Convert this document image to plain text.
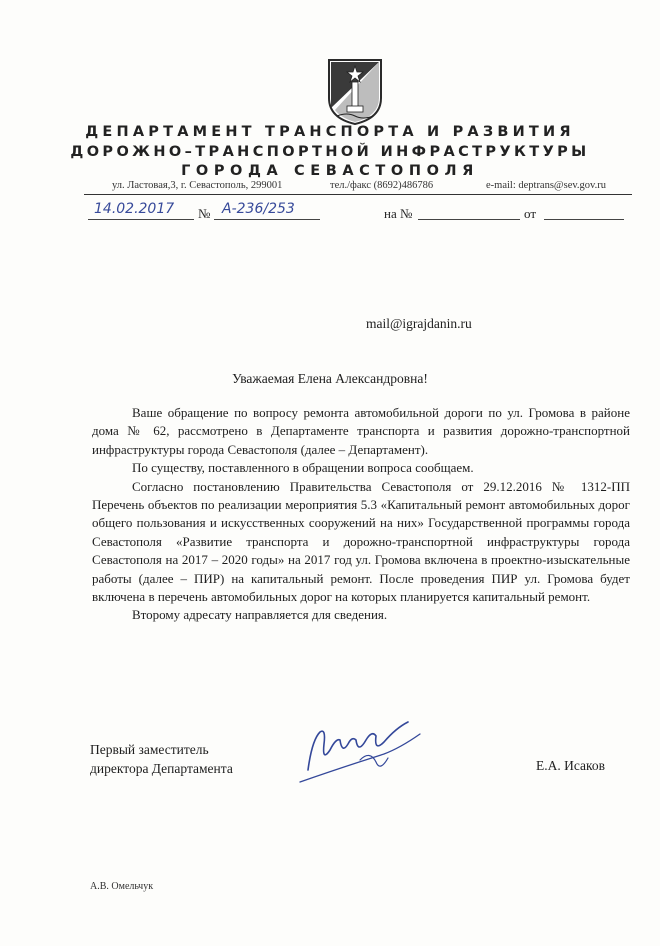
ДЕПАРТАМЕНТ ТРАНСПОРТА И РАЗВИТИЯ
ДОРОЖНО–ТРАНСПОРТНОЙ ИНФРАСТРУКТУРЫ
ГОРОДА СЕВАСТОПОЛЯ
ул. Ластовая,3, г. Севастополь, 299001	тел./факс (8692)486786	e-mail: deptrans@sev.gov.ru
14.02.2017 № А-236/253	на №	от
mail@igrajdanin.ru
Уважаемая Елена Александровна!

Ваше обращение по вопросу ремонта автомобильной дороги по ул. Громова в районе дома № 62, рассмотрено в Департаменте транспорта и развития дорожно-транспортной инфраструктуры города Севастополя (далее – Департамент).

По существу, поставленного в обращении вопроса сообщаем.

Согласно постановлению Правительства Севастополя от 29.12.2016 № 1312-ПП Перечень объектов по реализации мероприятия 5.3 «Капитальный ремонт автомобильных дорог общего пользования и искусственных сооружений на них» Государственной программы города Севастополя «Развитие транспорта и дорожно-транспортной инфраструктуры города Севастополя на 2017 – 2020 годы» на 2017 год ул. Громова включена в проектно-изыскательные работы (далее – ПИР) на капитальный ремонт. После проведения ПИР ул. Громова будет включена в перечень автомобильных дорог на которых планируется капитальный ремонт.

Второму адресату направляется для сведения.

Первый заместитель
директора Департамента	Е.А. Исаков
А.В. Омельчук
